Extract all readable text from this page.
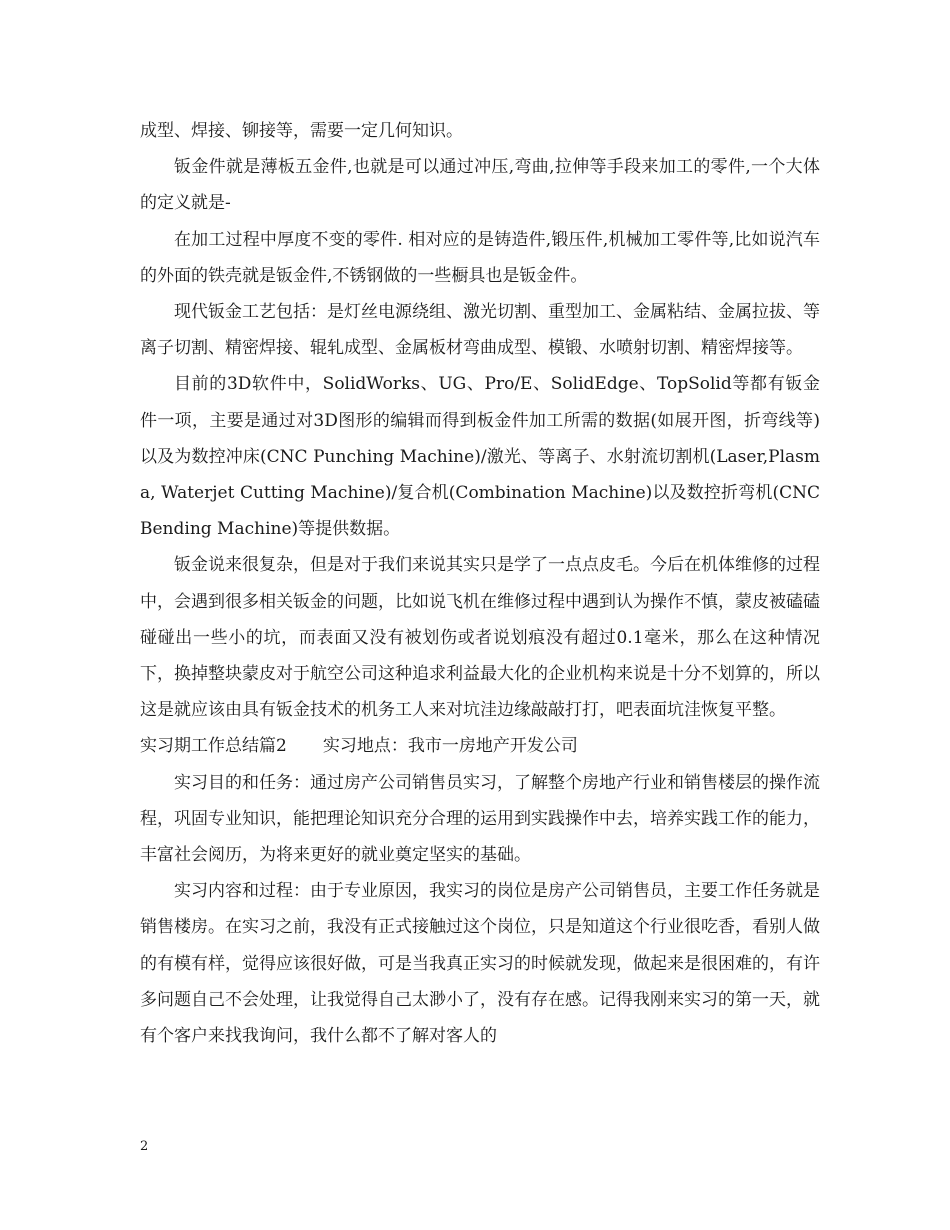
成型、焊接、铆接等，需要一定几何知识。

钣金件就是薄板五金件,也就是可以通过冲压,弯曲,拉伸等手段来加工的零件,一个大体的定义就是-

在加工过程中厚度不变的零件. 相对应的是铸造件,锻压件,机械加工零件等,比如说汽车的外面的铁壳就是钣金件,不锈钢做的一些橱具也是钣金件。

现代钣金工艺包括：是灯丝电源绕组、激光切割、重型加工、金属粘结、金属拉拔、等离子切割、精密焊接、辊轧成型、金属板材弯曲成型、模锻、水喷射切割、精密焊接等。

目前的3D软件中，SolidWorks、UG、Pro/E、SolidEdge、TopSolid等都有钣金件一项，主要是通过对3D图形的编辑而得到板金件加工所需的数据(如展开图，折弯线等)以及为数控冲床(CNC Punching Machine)/激光、等离子、水射流切割机(Laser,Plasma, Waterjet Cutting Machine)/复合机(Combination Machine)以及数控折弯机(CNC Bending Machine)等提供数据。

钣金说来很复杂，但是对于我们来说其实只是学了一点点皮毛。今后在机体维修的过程中，会遇到很多相关钣金的问题，比如说飞机在维修过程中遇到认为操作不慎，蒙皮被磕磕碰碰出一些小的坑，而表面又没有被划伤或者说划痕没有超过0.1毫米，那么在这种情况下，换掉整块蒙皮对于航空公司这种追求利益最大化的企业机构来说是十分不划算的，所以这是就应该由具有钣金技术的机务工人来对坑洼边缘敲敲打打，吧表面坑洼恢复平整。

实习期工作总结篇2 实习地点：我市一房地产开发公司

实习目的和任务：通过房产公司销售员实习，了解整个房地产行业和销售楼层的操作流程，巩固专业知识，能把理论知识充分合理的运用到实践操作中去，培养实践工作的能力，丰富社会阅历，为将来更好的就业奠定坚实的基础。

实习内容和过程：由于专业原因，我实习的岗位是房产公司销售员，主要工作任务就是销售楼房。在实习之前，我没有正式接触过这个岗位，只是知道这个行业很吃香，看别人做的有模有样，觉得应该很好做，可是当我真正实习的时候就发现，做起来是很困难的，有许多问题自己不会处理，让我觉得自己太渺小了，没有存在感。记得我刚来实习的第一天，就有个客户来找我询问，我什么都不了解对客人的

2
